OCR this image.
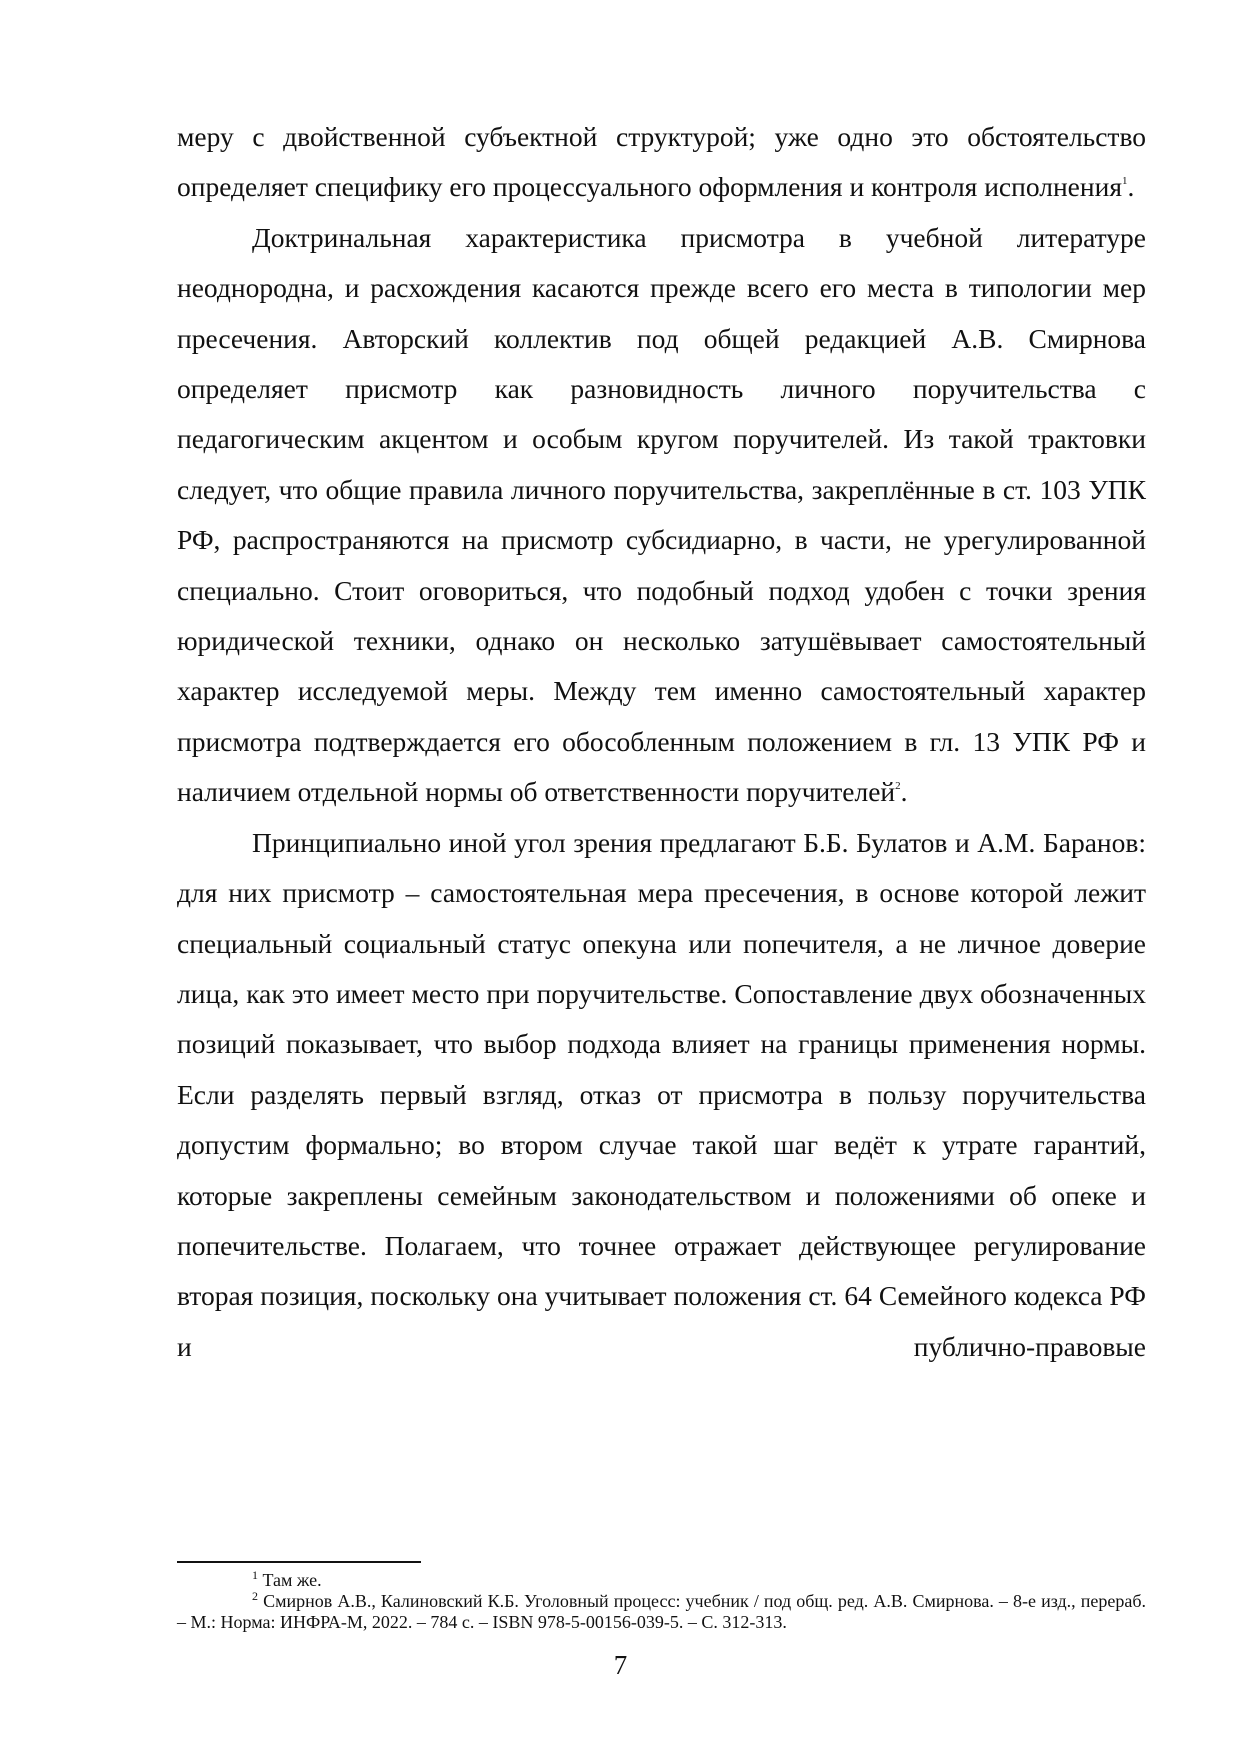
меру с двойственной субъектной структурой; уже одно это обстоятельство определяет специфику его процессуального оформления и контроля исполнения$^1$.

Доктринальная характеристика присмотра в учебной литературе неоднородна, и расхождения касаются прежде всего его места в типологии мер пресечения. Авторский коллектив под общей редакцией А.В. Смирнова определяет присмотр как разновидность личного поручительства с педагогическим акцентом и особым кругом поручителей. Из такой трактовки следует, что общие правила личного поручительства, закреплённые в ст. 103 УПК РФ, распространяются на присмотр субсидиарно, в части, не урегулированной специально. Стоит оговориться, что подобный подход удобен с точки зрения юридической техники, однако он несколько затушёвывает самостоятельный характер исследуемой меры. Между тем именно самостоятельный характер присмотра подтверждается его обособленным положением в гл. 13 УПК РФ и наличием отдельной нормы об ответственности поручителей$^2$.

Принципиально иной угол зрения предлагают Б.Б. Булатов и А.М. Баранов: для них присмотр – самостоятельная мера пресечения, в основе которой лежит специальный социальный статус опекуна или попечителя, а не личное доверие лица, как это имеет место при поручительстве. Сопоставление двух обозначенных позиций показывает, что выбор подхода влияет на границы применения нормы. Если разделять первый взгляд, отказ от присмотра в пользу поручительства допустим формально; во втором случае такой шаг ведёт к утрате гарантий, которые закреплены семейным законодательством и положениями об опеке и попечительстве. Полагаем, что точнее отражает действующее регулирование вторая позиция, поскольку она учитывает положения ст. 64 Семейного кодекса РФ и публично-правовые

$^1$ Там же.

$^2$ Смирнов А.В., Калиновский К.Б. Уголовный процесс: учебник / под общ. ред. А.В. Смирнова. – 8-е изд., перераб. – М.: Норма: ИНФРА-М, 2022. – 784 с. – ISBN 978-5-00156-039-5. – С. 312-313.

7
